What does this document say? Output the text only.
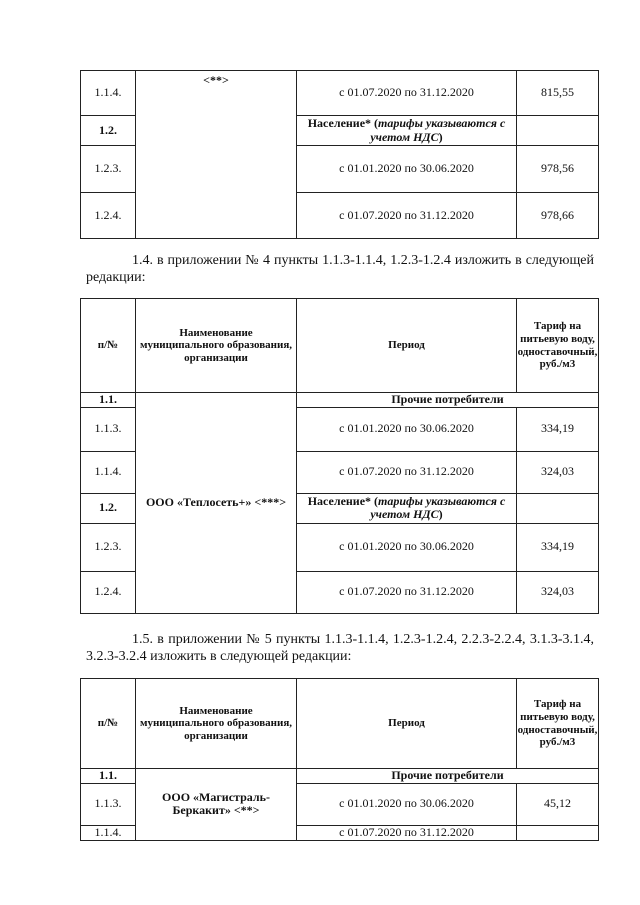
1.1.4.	<**>	с 01.07.2020 по 31.12.2020	815,55
1.2.		Население* (тарифы указываются с учетом НДС)	
1.2.3.		с 01.01.2020 по 30.06.2020	978,56
1.2.4.		с 01.07.2020 по 31.12.2020	978,66

1.4. в приложении № 4 пункты 1.1.3-1.1.4, 1.2.3-1.2.4 изложить в следующей редакции:

п/№	Наименование муниципального образования, организации	Период	Тариф на питьевую воду, одноставочный, руб./м3
1.1.	ООО «Теплосеть+» <***>	Прочие потребители	
1.1.3.		с 01.01.2020 по 30.06.2020	334,19
1.1.4.		с 01.07.2020 по 31.12.2020	324,03
1.2.		Население* (тарифы указываются с учетом НДС)	
1.2.3.		с 01.01.2020 по 30.06.2020	334,19
1.2.4.		с 01.07.2020 по 31.12.2020	324,03

1.5. в приложении № 5 пункты 1.1.3-1.1.4, 1.2.3-1.2.4, 2.2.3-2.2.4, 3.1.3-3.1.4, 3.2.3-3.2.4 изложить в следующей редакции:

п/№	Наименование муниципального образования, организации	Период	Тариф на питьевую воду, одноставочный, руб./м3
1.1.	ООО «Магистраль-Беркакит» <**>	Прочие потребители	
1.1.3.		с 01.01.2020 по 30.06.2020	45,12
1.1.4.		с 01.07.2020 по 31.12.2020	
